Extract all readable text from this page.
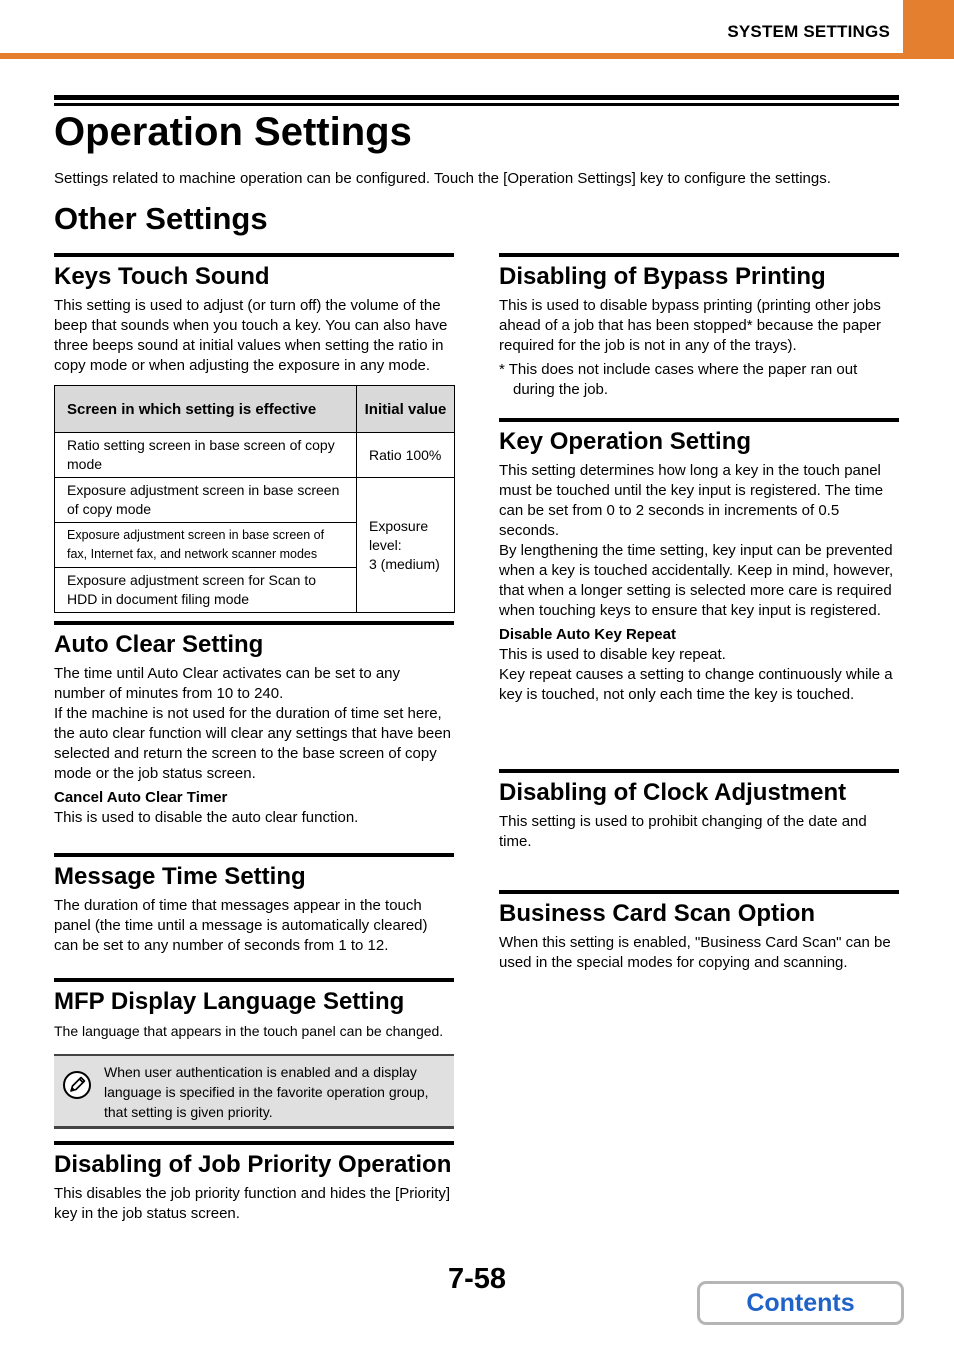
SYSTEM SETTINGS
Operation Settings

Settings related to machine operation can be configured. Touch the [Operation Settings] key to configure the settings.

Other Settings
Keys Touch Sound

This setting is used to adjust (or turn off) the volume of the beep that sounds when you touch a key. You can also have three beeps sound at initial values when setting the ratio in copy mode or when adjusting the exposure in any mode.

Screen in which setting is effective	Initial value
Ratio setting screen in base screen of copy mode	Ratio 100%
Exposure adjustment screen in base screen of copy mode	Exposure level:
3 (medium)
Exposure adjustment screen in base screen of fax, Internet fax, and network scanner modes	
Exposure adjustment screen for Scan to HDD in document filing mode	
Auto Clear Setting

The time until Auto Clear activates can be set to any number of minutes from 10 to 240.

If the machine is not used for the duration of time set here, the auto clear function will clear any settings that have been selected and return the screen to the base screen of copy mode or the job status screen.

Cancel Auto Clear Timer

This is used to disable the auto clear function.

Message Time Setting

The duration of time that messages appear in the touch panel (the time until a message is automatically cleared) can be set to any number of seconds from 1 to 12.

MFP Display Language Setting

The language that appears in the touch panel can be changed.

When user authentication is enabled and a display language is specified in the favorite operation group, that setting is given priority.

Disabling of Job Priority Operation

This disables the job priority function and hides the [Priority] key in the job status screen.

Disabling of Bypass Printing

This is used to disable bypass printing (printing other jobs ahead of a job that has been stopped* because the paper required for the job is not in any of the trays).

* This does not include cases where the paper ran out during the job.

Key Operation Setting

This setting determines how long a key in the touch panel must be touched until the key input is registered. The time can be set from 0 to 2 seconds in increments of 0.5 seconds.

By lengthening the time setting, key input can be prevented when a key is touched accidentally. Keep in mind, however, that when a longer setting is selected more care is required when touching keys to ensure that key input is registered.

Disable Auto Key Repeat

This is used to disable key repeat.

Key repeat causes a setting to change continuously while a key is touched, not only each time the key is touched.

Disabling of Clock Adjustment

This setting is used to prohibit changing of the date and time.

Business Card Scan Option

When this setting is enabled, "Business Card Scan" can be used in the special modes for copying and scanning.

7-58
Contents
